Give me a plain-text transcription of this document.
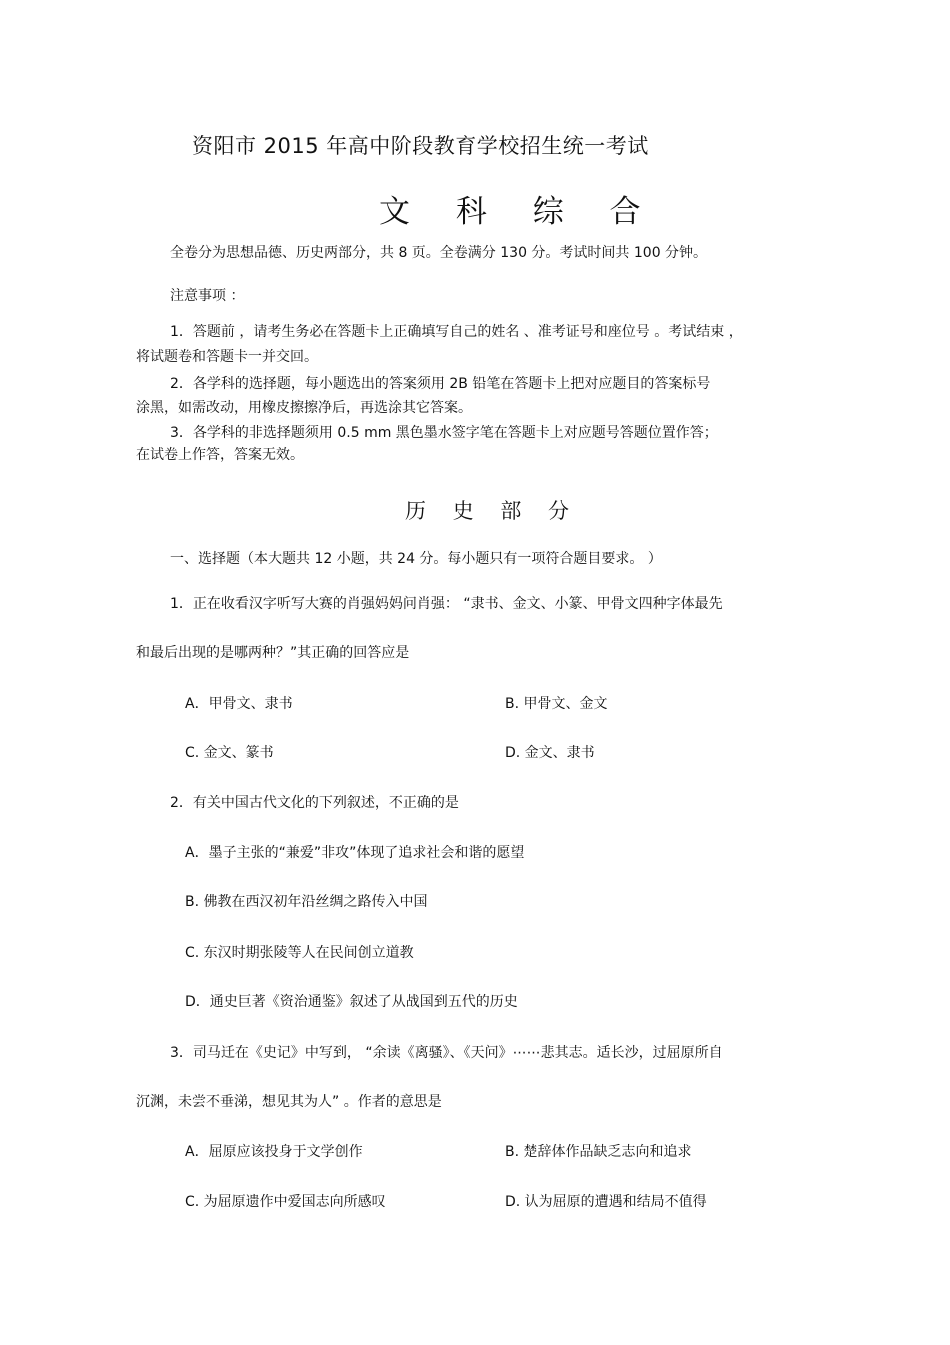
资阳市 2015 年高中阶段教育学校招生统一考试
文 科 综 合
全卷分为思想品德、历史两部分，共 8 页。全卷满分 130 分。考试时间共 100 分钟。
注意事项 ：
1．答题前 ，请考生务必在答题卡上正确填写自己的姓名 、准考证号和座位号 。考试结束 ，
将试题卷和答题卡一并交回。
2．各学科的选择题，每小题选出的答案须用 2B 铅笔在答题卡上把对应题目的答案标号
涂黑，如需改动，用橡皮擦擦净后，再选涂其它答案。
3．各学科的非选择题须用 0.5 mm 黑色墨水签字笔在答题卡上对应题号答题位置作答；
在试卷上作答，答案无效。
历 史 部 分
一、选择题（本大题共 12 小题，共 24 分。每小题只有一项符合题目要求。 ）
1．正在收看汉字听写大赛的肖强妈妈问肖强： “隶书、金文、小篆、甲骨文四种字体最先
和最后出现的是哪两种？”其正确的回答应是
A．甲骨文、隶书	B. 甲骨文、金文
C. 金文、篆书	D. 金文、隶书
2．有关中国古代文化的下列叙述，不正确的是
A．墨子主张的“兼爱”非攻”体现了追求社会和谐的愿望
B. 佛教在西汉初年沿丝绸之路传入中国
C. 东汉时期张陵等人在民间创立道教
D．通史巨著《资治通鉴》叙述了从战国到五代的历史
3．司马迁在《史记》中写到， “余读《离骚》、《天问》⋯⋯悲其志。适长沙，过屈原所自
沉渊，未尝不垂涕，想见其为人” 。作者的意思是
A．屈原应该投身于文学创作	B. 楚辞体作品缺乏志向和追求
C. 为屈原遗作中爱国志向所感叹	D. 认为屈原的遭遇和结局不值得
